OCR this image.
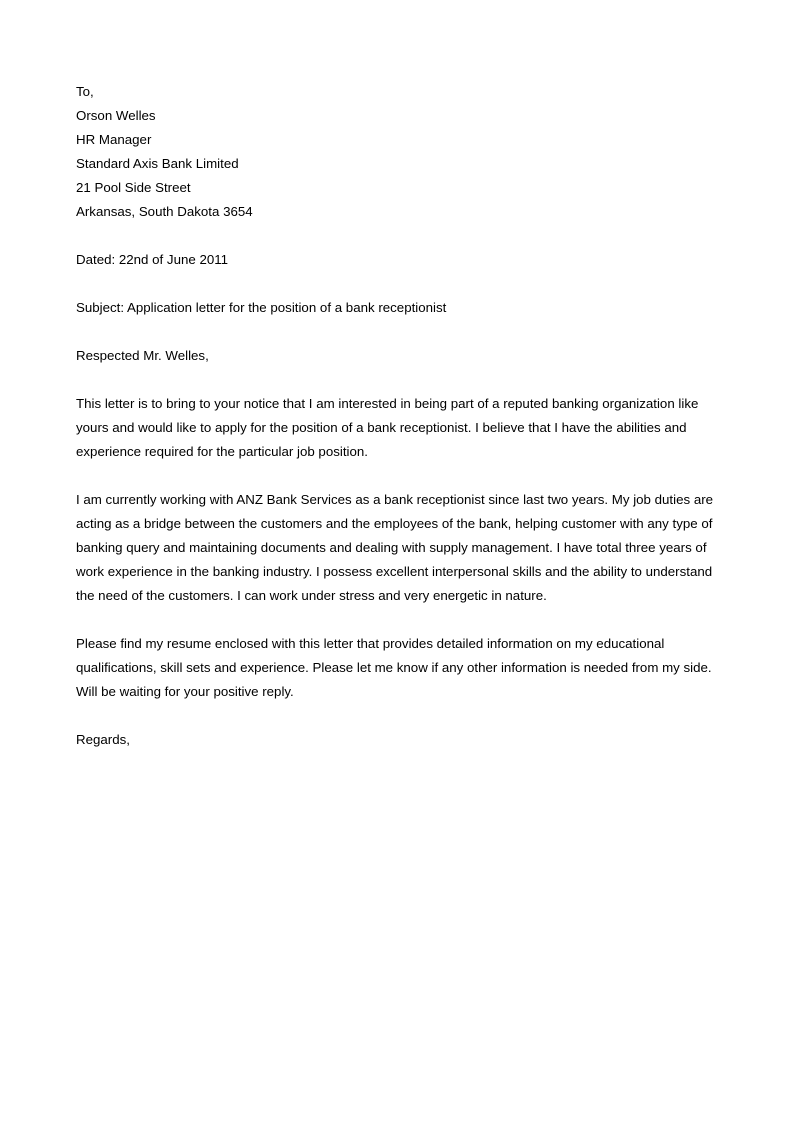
To,

Orson Welles

HR Manager

Standard Axis Bank Limited

21 Pool Side Street

Arkansas, South Dakota 3654

Dated: 22nd of June 2011

Subject: Application letter for the position of a bank receptionist

Respected Mr. Welles,

This letter is to bring to your notice that I am interested in being part of a reputed banking organization like
yours and would like to apply for the position of a bank receptionist. I believe that I have the abilities and
experience required for the particular job position.

I am currently working with ANZ Bank Services as a bank receptionist since last two years. My job duties are
acting as a bridge between the customers and the employees of the bank, helping customer with any type of
banking query and maintaining documents and dealing with supply management. I have total three years of
work experience in the banking industry. I possess excellent interpersonal skills and the ability to understand
the need of the customers. I can work under stress and very energetic in nature.

Please find my resume enclosed with this letter that provides detailed information on my educational
qualifications, skill sets and experience. Please let me know if any other information is needed from my side.
Will be waiting for your positive reply.

Regards,
